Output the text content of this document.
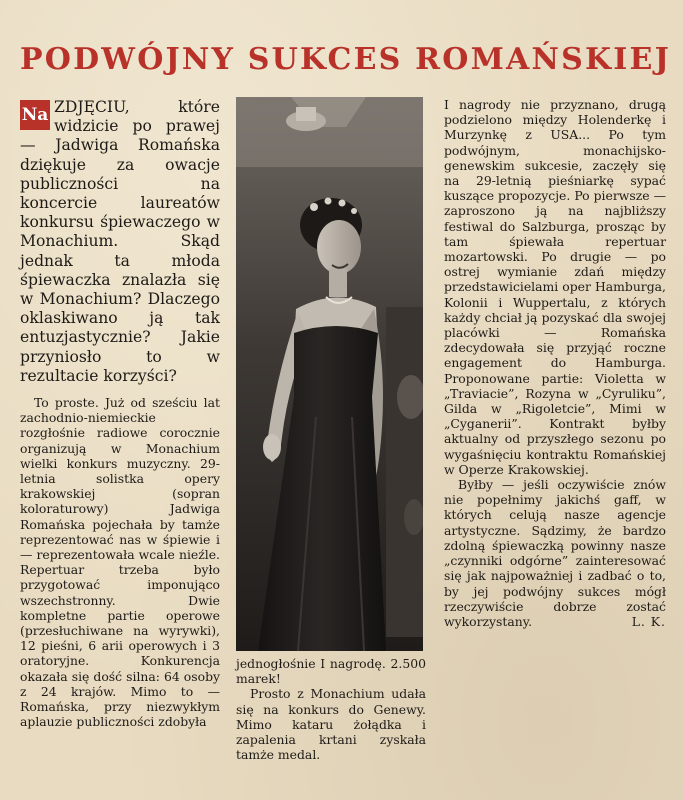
PODWÓJNY SUKCES ROMAŃSKIEJ

Na ZDJĘCIU, które widzicie po prawej — Jadwiga Romańska dziękuje za owacje publiczności na koncercie laureatów konkursu śpiewaczego w Monachium. Skąd jednak ta młoda śpiewaczka znalazła się w Monachium? Dlaczego oklaskiwano ją tak entuzjastycznie? Jakie przyniosło to w rezultacie korzyści?

To proste. Już od sześciu lat zachodnio-niemieckie rozgłośnie radiowe corocznie organizują w Monachium wielki konkurs muzyczny. 29-letnia solistka opery krakowskiej (sopran koloraturowy) Jadwiga Romańska pojechała by tamże reprezentować nas w śpiewie i — reprezentowała wcale nieźle. Repertuar trzeba było przygotować imponująco wszechstronny. Dwie kompletne partie operowe (przesłuchiwane na wyrywki), 12 pieśni, 6 arii operowych i 3 oratoryjne. Konkurencja okazała się dość silna: 64 osoby z 24 krajów. Mimo to — Romańska, przy niezwykłym aplauzie publiczności zdobyła

jednogłośnie I nagrodę. 2.500 marek!

Prosto z Monachium udała się na konkurs do Genewy. Mimo kataru żołądka i zapalenia krtani zyskała tamże medal.

I nagrody nie przyznano, drugą podzielono między Holenderkę i Murzynkę z USA... Po tym podwójnym, monachijsko-genewskim sukcesie, zaczęły się na 29-letnią pieśniarkę sypać kuszące propozycje. Po pierwsze — zaproszono ją na najbliższy festiwal do Salzburga, prosząc by tam śpiewała repertuar mozartowski. Po drugie — po ostrej wymianie zdań między przedstawicielami oper Hamburga, Kolonii i Wuppertalu, z których każdy chciał ją pozyskać dla swojej placówki — Romańska zdecydowała się przyjąć roczne engagement do Hamburga. Proponowane partie: Violetta w „Traviacie”, Rozyna w „Cyruliku”, Gilda w „Rigoletcie”, Mimi w „Cyganerii”. Kontrakt byłby aktualny od przyszłego sezonu po wygaśnięciu kontraktu Romańskiej w Operze Krakowskiej.

Byłby — jeśli oczywiście znów nie popełnimy jakichś gaff, w których celują nasze agencje artystyczne. Sądzimy, że bardzo zdolną śpiewaczką powinny nasze „czynniki odgórne” zainteresować się jak najpoważniej i zadbać o to, by jej podwójny sukces mógł rzeczywiście dobrze zostać wykorzystany.	L. K.
